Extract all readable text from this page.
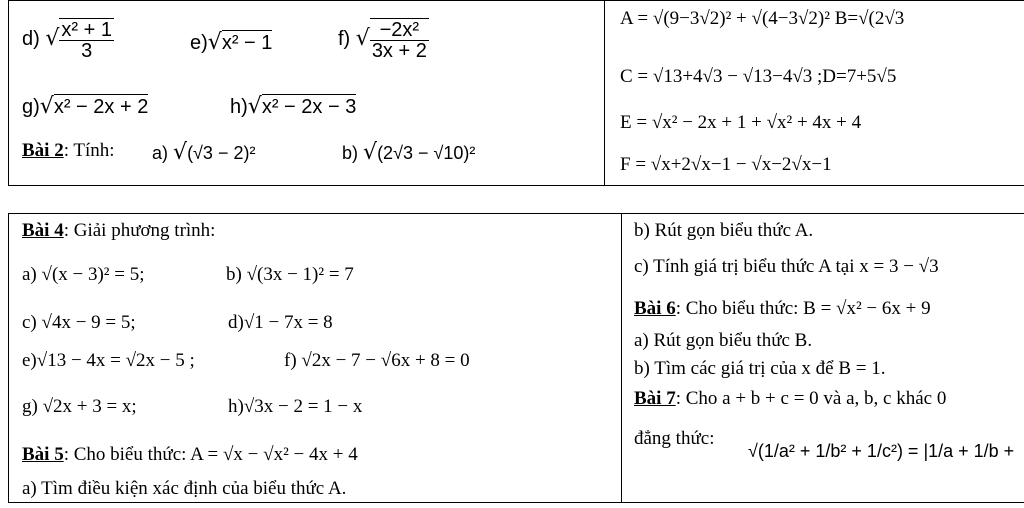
d) √ $\frac{\text{x² + 1}}{3}$	e)√x² − 1	f) √ $\frac{\text{−2x²}}{3x + 2}$
g)√x² − 2x + 2	h)√x² − 2x − 3
Bài 2: Tính: a) √(√3 − 2)²	b) √(2√3 − √10)²
A = √(9−3√2)² + √(4−3√2)² B=√(2√3
C = √13+4√3 − √13−4√3 ;D=7+5√5
E = √x² − 2x + 1 + √x² + 4x + 4
F = √x+2√x−1 − √x−2√x−1
Bài 4: Giải phương trình:
a) √(x − 3)² = 5;	b) √(3x − 1)² = 7
c) √4x − 9 = 5;	d)√1 − 7x = 8
e)√13 − 4x = √2x − 5 ;	f) √2x − 7 − √6x + 8 = 0
g) √2x + 3 = x;	h)√3x − 2 = 1 − x
Bài 5: Cho biểu thức: A = √x − √x² − 4x + 4
a) Tìm điều kiện xác định của biểu thức A.
b) Rút gọn biểu thức A.
c) Tính giá trị biểu thức A tại x = 3 − √3
Bài 6: Cho biểu thức: B = √x² − 6x + 9
a) Rút gọn biểu thức B.
b) Tìm các giá trị của x để B = 1.
Bài 7: Cho a + b + c = 0 và a, b, c khác 0
đẳng thức:
√(1/a² + 1/b² + 1/c²) = |1/a + 1/b +
